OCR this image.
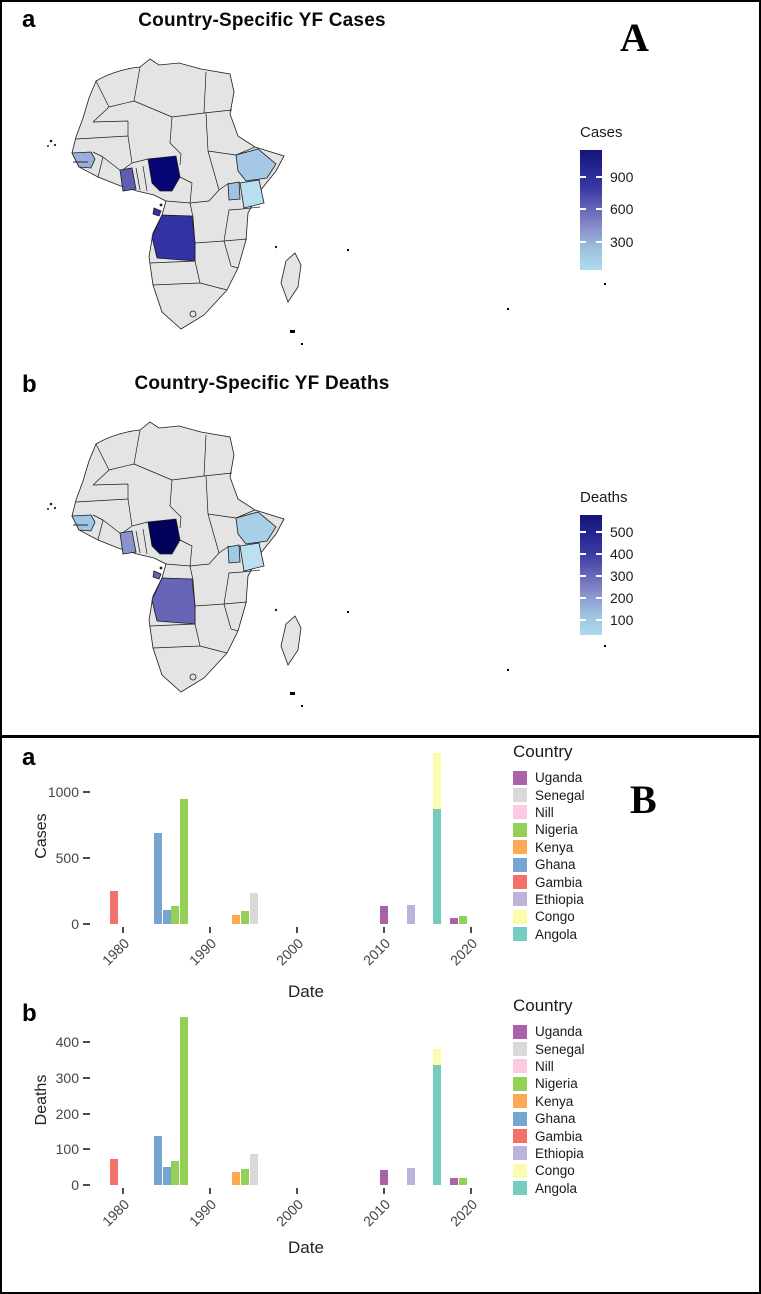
a	Country-Specific YF Cases
Cases
900
600
300
b	Country-Specific YF Deaths
Deaths
500
400
300
200
100
A
a
0
500
1000
1980	1990	2000	2010	2020
Cases
Date
Country
Uganda
Senegal
Nill
Nigeria
Kenya
Ghana
Gambia
Ethiopia
Congo
Angola
b
0
100
200
300
400
1980	1990	2000	2010	2020
Deaths
Date
Country
Uganda
Senegal
Nill
Nigeria
Kenya
Ghana
Gambia
Ethiopia
Congo
Angola
B
